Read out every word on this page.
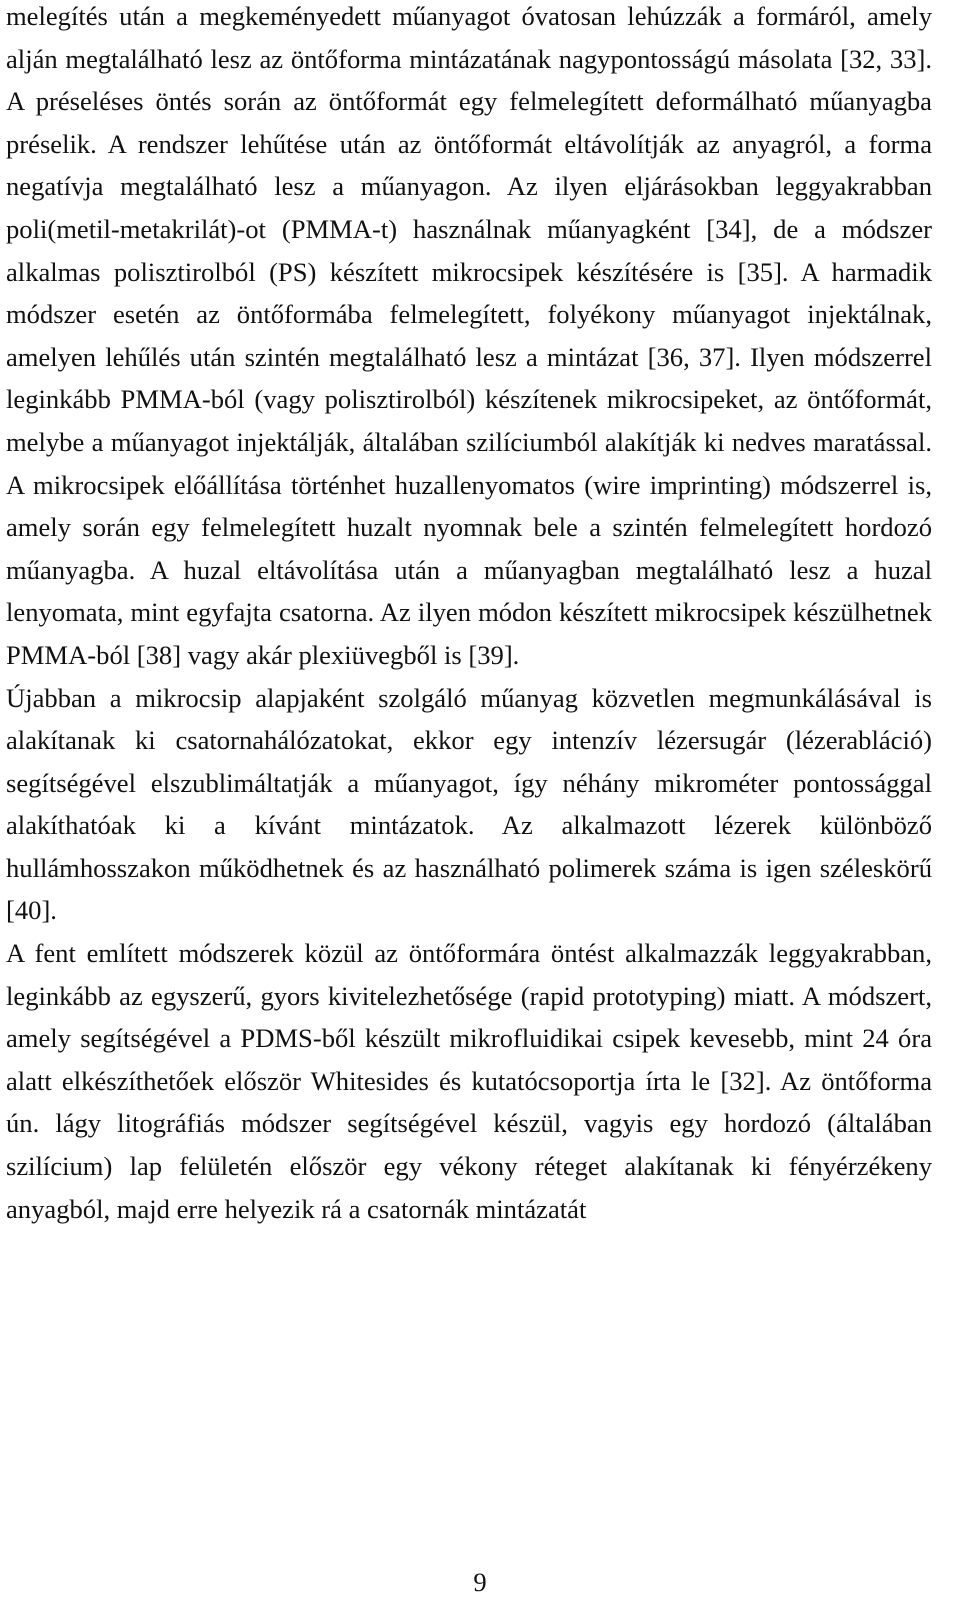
melegítés után a megkeményedett műanyagot óvatosan lehúzzák a formáról, amely alján megtalálható lesz az öntőforma mintázatának nagypontosságú másolata [32, 33]. A préseléses öntés során az öntőformát egy felmelegített deformálható műanyagba préselik. A rendszer lehűtése után az öntőformát eltávolítják az anyagról, a forma negatívja megtalálható lesz a műanyagon. Az ilyen eljárásokban leggyakrabban poli(metil-metakrilát)-ot (PMMA-t) használnak műanyagként [34], de a módszer alkalmas polisztirolból (PS) készített mikrocsipek készítésére is [35]. A harmadik módszer esetén az öntőformába felmelegített, folyékony műanyagot injektálnak, amelyen lehűlés után szintén megtalálható lesz a mintázat [36, 37]. Ilyen módszerrel leginkább PMMA-ból (vagy polisztirolból) készítenek mikrocsipeket, az öntőformát, melybe a műanyagot injektálják, általában szilíciumból alakítják ki nedves maratással. A mikrocsipek előállítása történhet huzallenyomatos (wire imprinting) módszerrel is, amely során egy felmelegített huzalt nyomnak bele a szintén felmelegített hordozó műanyagba. A huzal eltávolítása után a műanyagban megtalálható lesz a huzal lenyomata, mint egyfajta csatorna. Az ilyen módon készített mikrocsipek készülhetnek PMMA-ból [38] vagy akár plexiüvegből is [39].

Újabban a mikrocsip alapjaként szolgáló műanyag közvetlen megmunkálásával is alakítanak ki csatornahálózatokat, ekkor egy intenzív lézersugár (lézerabláció) segítségével elszublimáltatják a műanyagot, így néhány mikrométer pontossággal alakíthatóak ki a kívánt mintázatok. Az alkalmazott lézerek különböző hullámhosszakon működhetnek és az használható polimerek száma is igen széleskörű [40].

A fent említett módszerek közül az öntőformára öntést alkalmazzák leggyakrabban, leginkább az egyszerű, gyors kivitelezhetősége (rapid prototyping) miatt. A módszert, amely segítségével a PDMS-ből készült mikrofluidikai csipek kevesebb, mint 24 óra alatt elkészíthetőek először Whitesides és kutatócsoportja írta le [32]. Az öntőforma ún. lágy litográfiás módszer segítségével készül, vagyis egy hordozó (általában szilícium) lap felületén először egy vékony réteget alakítanak ki fényérzékeny anyagból, majd erre helyezik rá a csatornák mintázatát

9
